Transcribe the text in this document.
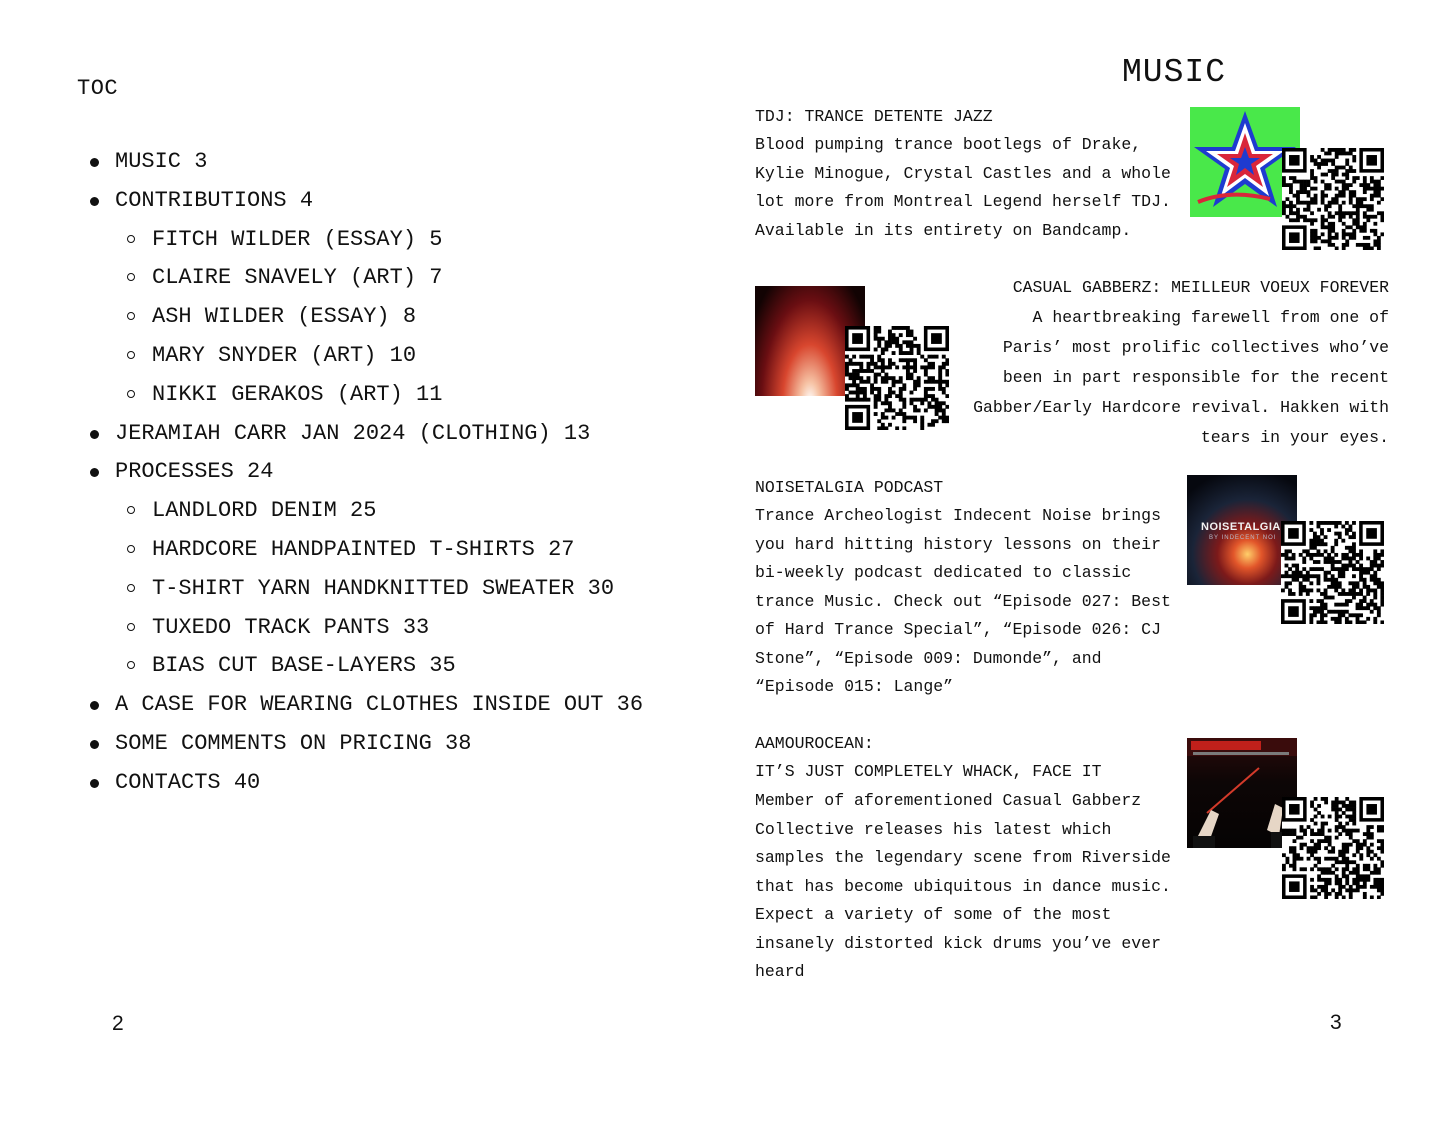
TOC
MUSIC 3
CONTRIBUTIONS 4
FITCH WILDER (ESSAY) 5
CLAIRE SNAVELY (ART) 7
ASH WILDER (ESSAY) 8
MARY SNYDER (ART) 10
NIKKI GERAKOS (ART) 11
JERAMIAH CARR JAN 2024 (CLOTHING) 13
PROCESSES 24
LANDLORD DENIM 25
HARDCORE HANDPAINTED T-SHIRTS 27
T-SHIRT YARN HANDKNITTED SWEATER 30
TUXEDO TRACK PANTS 33
BIAS CUT BASE-LAYERS 35
A CASE FOR WEARING CLOTHES INSIDE OUT 36
SOME COMMENTS ON PRICING 38
CONTACTS 40
2
MUSIC
TDJ: TRANCE DETENTE JAZZ
Blood pumping trance bootlegs of Drake,
Kylie Minogue, Crystal Castles and a whole
lot more from Montreal Legend herself TDJ.
Available in its entirety on Bandcamp.
CASUAL GABBERZ: MEILLEUR VOEUX FOREVER
A heartbreaking farewell from one of
Paris’ most prolific collectives who’ve
been in part responsible for the recent
Gabber/Early Hardcore revival. Hakken with
tears in your eyes.
NOISETALGIA PODCAST
Trance Archeologist Indecent Noise brings
you hard hitting history lessons on their
bi-weekly podcast dedicated to classic
trance Music. Check out “Episode 027: Best
of Hard Trance Special”, “Episode 026: CJ
Stone”, “Episode 009: Dumonde”, and
“Episode 015: Lange”
NOISETALGIA
BY INDECENT NOI
AAMOUROCEAN:
IT’S JUST COMPLETELY WHACK, FACE IT
Member of aforementioned Casual Gabberz
Collective releases his latest which
samples the legendary scene from Riverside
that has become ubiquitous in dance music.
Expect a variety of some of the most
insanely distorted kick drums you’ve ever
heard
3
